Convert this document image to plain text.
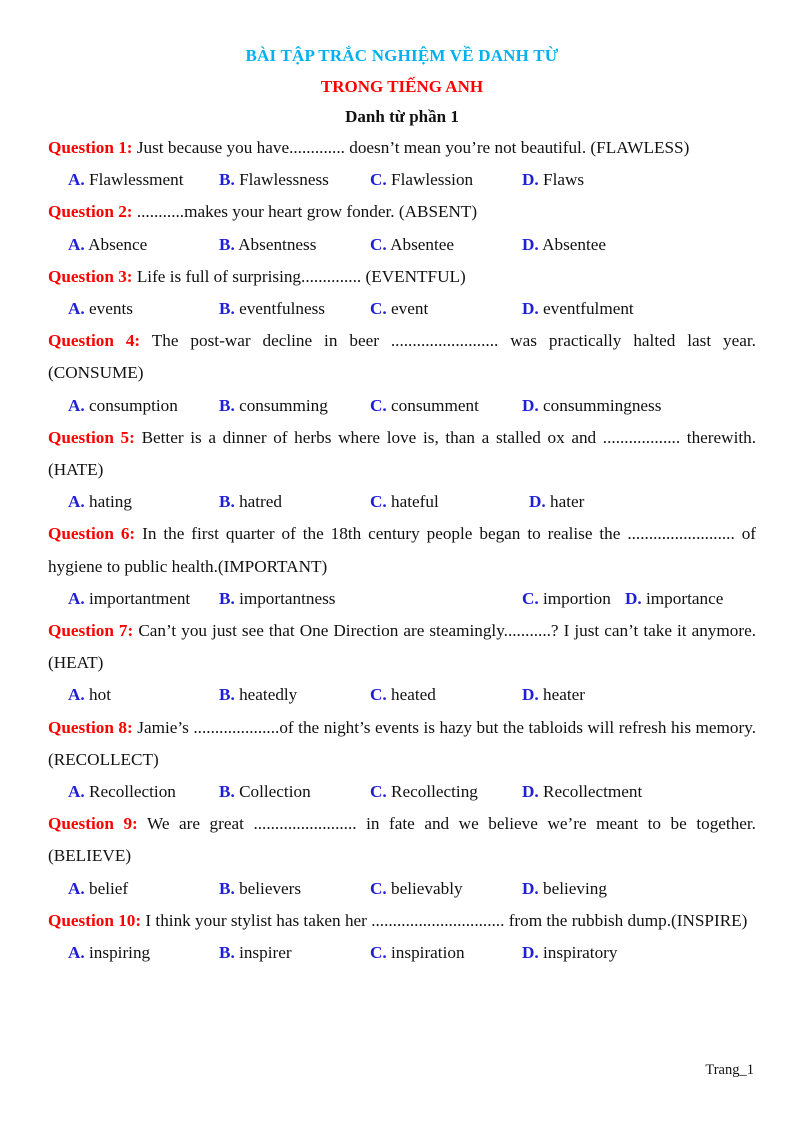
BÀI TẬP TRẮC NGHIỆM VỀ DANH TỪ
TRONG TIẾNG ANH
Danh từ phần 1
Question 1: Just because you have............. doesn’t mean you’re not beautiful. (FLAWLESS)
A. Flawlessment B. Flawlessness C. Flawlession	D. Flaws
Question 2: ...........makes your heart grow fonder. (ABSENT)
A. Absence	B. Absentness	C. Absentee	D. Absentee
Question 3: Life is full of surprising.............. (EVENTFUL)
A. events	B. eventfulness	C. event	D. eventfulment
Question 4: The post-war decline in beer ......................... was practically halted last year. (CONSUME)
A. consumption B. consumming C. consumment	D. consummingness
Question 5: Better is a dinner of herbs where love is, than a stalled ox and .................. therewith.(HATE)
A. hating	B. hatred	C. hateful	D. hater
Question 6: In the first quarter of the 18th century people began to realise the ......................... of hygiene to public health.(IMPORTANT)
A. importantment B. importantness	C. importion D. importance
Question 7: Can’t you just see that One Direction are steamingly...........? I just can’t take it anymore. (HEAT)
A. hot	B. heatedly	C. heated	D. heater
Question 8: Jamie’s ....................of the night’s events is hazy but the tabloids will refresh his memory. (RECOLLECT)
A. Recollection	B. Collection	C. Recollecting	D. Recollectment
Question 9: We are great ........................ in fate and we believe we’re meant to be together.(BELIEVE)
A. belief	B. believers	C. believably	D. believing
Question 10: I think your stylist has taken her ............................... from the rubbish dump.(INSPIRE)
A. inspiring	B. inspirer	C. inspiration	D. inspiratory
Trang_1
